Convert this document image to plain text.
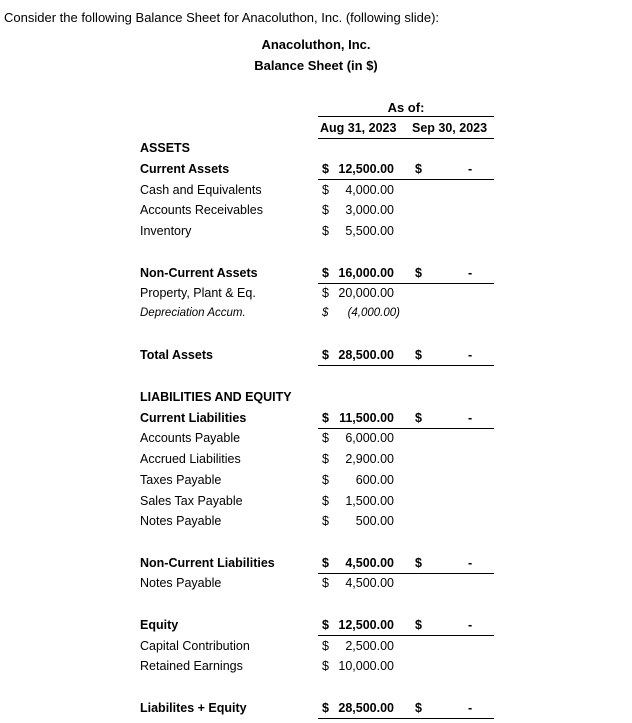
Consider the following Balance Sheet for Anacoluthon, Inc. (following slide):
Anacoluthon, Inc.
Balance Sheet (in $)
As of:
Aug 31, 2023 Sep 30, 2023
ASSETS
Current Assets	$ 12,500.00 $	-
Cash and Equivalents	$ 4,000.00
Accounts Receivables	$ 3,000.00
Inventory	$ 5,500.00
Non-Current Assets	$ 16,000.00 $	-
Property, Plant & Eq.	$ 20,000.00
Depreciation Accum.	$ (4,000.00)
Total Assets	$ 28,500.00 $	-
LIABILITIES AND EQUITY
Current Liabilities	$ 11,500.00 $	-
Accounts Payable	$ 6,000.00
Accrued Liabilities	$ 2,900.00
Taxes Payable	$ 600.00
Sales Tax Payable	$ 1,500.00
Notes Payable	$ 500.00
Non-Current Liabilities	$ 4,500.00 $	-
Notes Payable	$ 4,500.00
Equity	$ 12,500.00 $	-
Capital Contribution	$ 2,500.00
Retained Earnings	$ 10,000.00
Liabilites + Equity	$ 28,500.00 $	-
